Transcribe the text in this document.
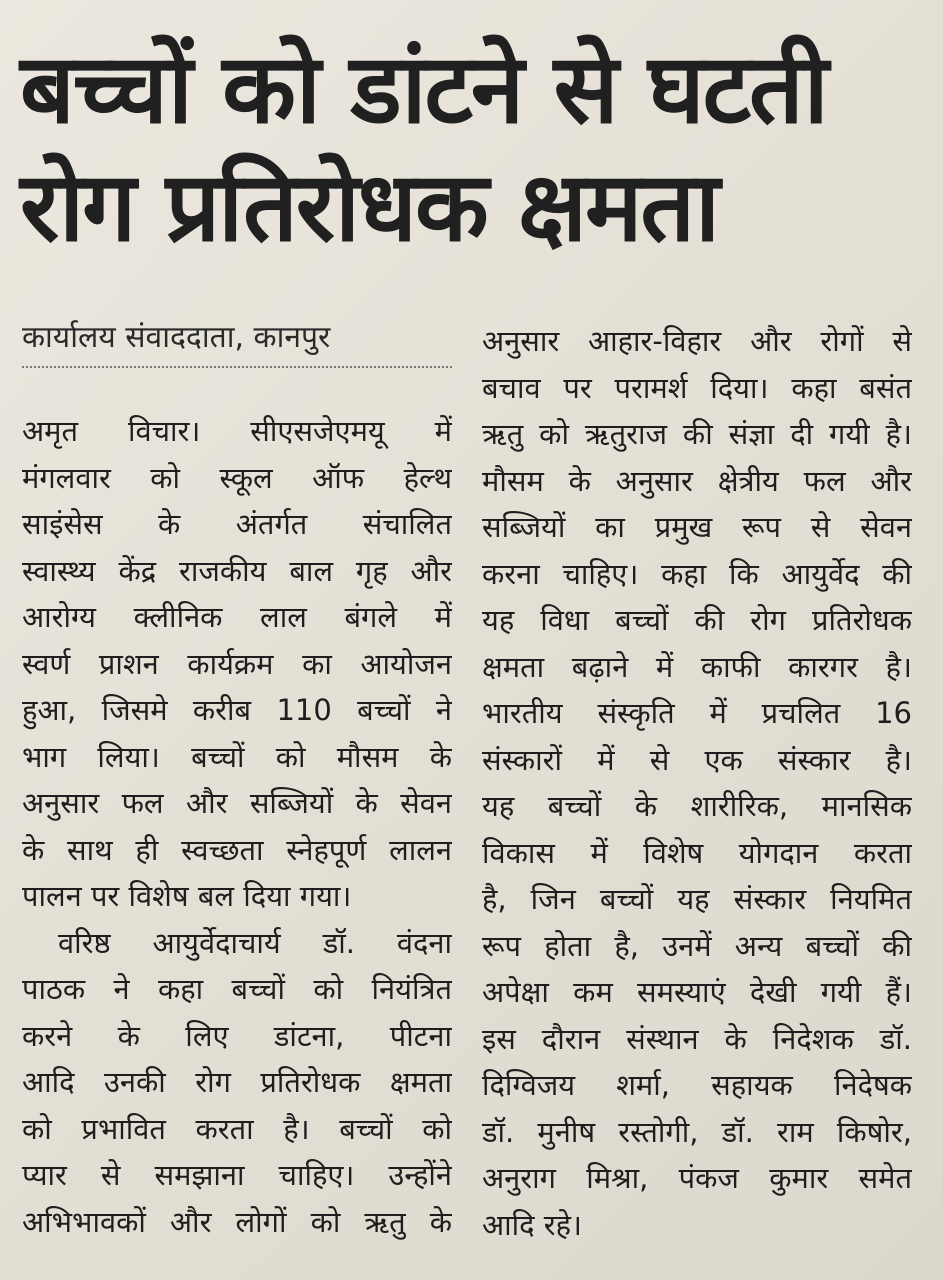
बच्चों को डांटने से घटती
रोग प्रतिरोधक क्षमता
कार्यालय संवाददाता, कानपुर
अमृत विचार। सीएसजेएमयू में
मंगलवार को स्कूल ऑफ हेल्थ
साइंसेस के अंतर्गत संचालित
स्वास्थ्य केंद्र राजकीय बाल गृह और
आरोग्य क्लीनिक लाल बंगले में
स्वर्ण प्राशन कार्यक्रम का आयोजन
हुआ, जिसमे करीब 110 बच्चों ने
भाग लिया। बच्चों को मौसम के
अनुसार फल और सब्जियों के सेवन
के साथ ही स्वच्छता स्नेहपूर्ण लालन
पालन पर विशेष बल दिया गया।
वरिष्ठ आयुर्वेदाचार्य डॉ. वंदना
पाठक ने कहा बच्चों को नियंत्रित
करने के लिए डांटना, पीटना
आदि उनकी रोग प्रतिरोधक क्षमता
को प्रभावित करता है। बच्चों को
प्यार से समझाना चाहिए। उन्होंने
अभिभावकों और लोगों को ऋतु के
अनुसार आहार-विहार और रोगों से
बचाव पर परामर्श दिया। कहा बसंत
ऋतु को ऋतुराज की संज्ञा दी गयी है।
मौसम के अनुसार क्षेत्रीय फल और
सब्जियों का प्रमुख रूप से सेवन
करना चाहिए। कहा कि आयुर्वेद की
यह विधा बच्चों की रोग प्रतिरोधक
क्षमता बढ़ाने में काफी कारगर है।
भारतीय संस्कृति में प्रचलित 16
संस्कारों में से एक संस्कार है।
यह बच्चों के शारीरिक, मानसिक
विकास में विशेष योगदान करता
है, जिन बच्चों यह संस्कार नियमित
रूप होता है, उनमें अन्य बच्चों की
अपेक्षा कम समस्याएं देखी गयी हैं।
इस दौरान संस्थान के निदेशक डॉ.
दिग्विजय शर्मा, सहायक निदेषक
डॉ. मुनीष रस्तोगी, डॉ. राम किषोर,
अनुराग मिश्रा, पंकज कुमार समेत
आदि रहे।
